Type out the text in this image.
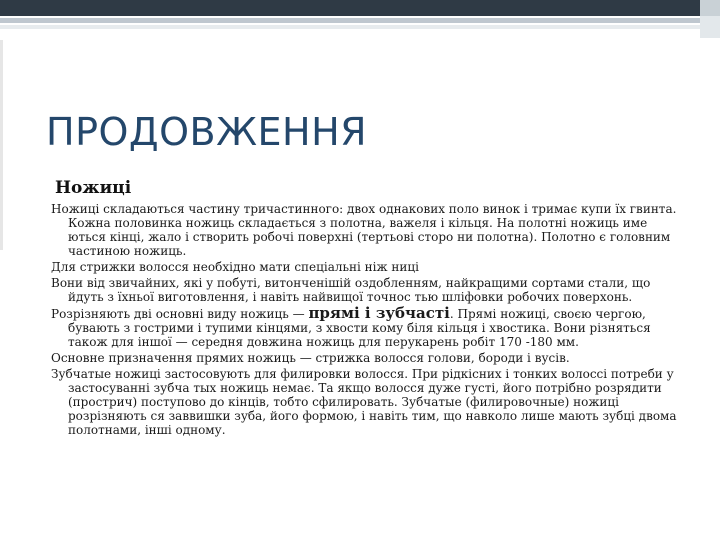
ПРОДОВЖЕННЯ
Ножиці

Ножиці складаються частину тричастинного: двох однакових поло винок і тримає купи їх гвинта. Кожна половинка ножиць складається з полотна, важеля і кільця. На полотні ножиць име ються кінці, жало і створить робочі поверхні (тертьові сторо ни полотна). Полотно є головним частиною ножиць.

Для стрижки волосся необхідно мати спеціальні ніж ниці

Вони від звичайних, які у побуті, витонченішій оздобленням, найкращими сортами стали, що йдуть з їхньої виготовлення, і навіть найвищої точнос тью шліфовки робочих поверхонь.

Розрізняють дві основні виду ножиць — прямі і зубчасті. Прямі ножиці, своєю чергою, бувають з гострими і тупими кінцями, з хвости кому біля кільця і хвостика. Вони різняться також для іншої — середня довжина ножиць для перукарень робіт 170 -180 мм.

Основне призначення прямих ножиць — стрижка волосся голови, бороди і вусів.

Зубчатые ножиці застосовують для филировки волосся. При рідкісних і тонких волоссі потреби у застосуванні зубча тых ножиць немає. Та якщо волосся дуже густі, його потрібно розрядити (прострич) поступово до кінців, тобто сфилировать. Зубчатые (филировочные) ножиці розрізняють ся заввишки зуба, його формою, і навіть тим, що навколо лише мають зубці двома полотнами, інші одному.
